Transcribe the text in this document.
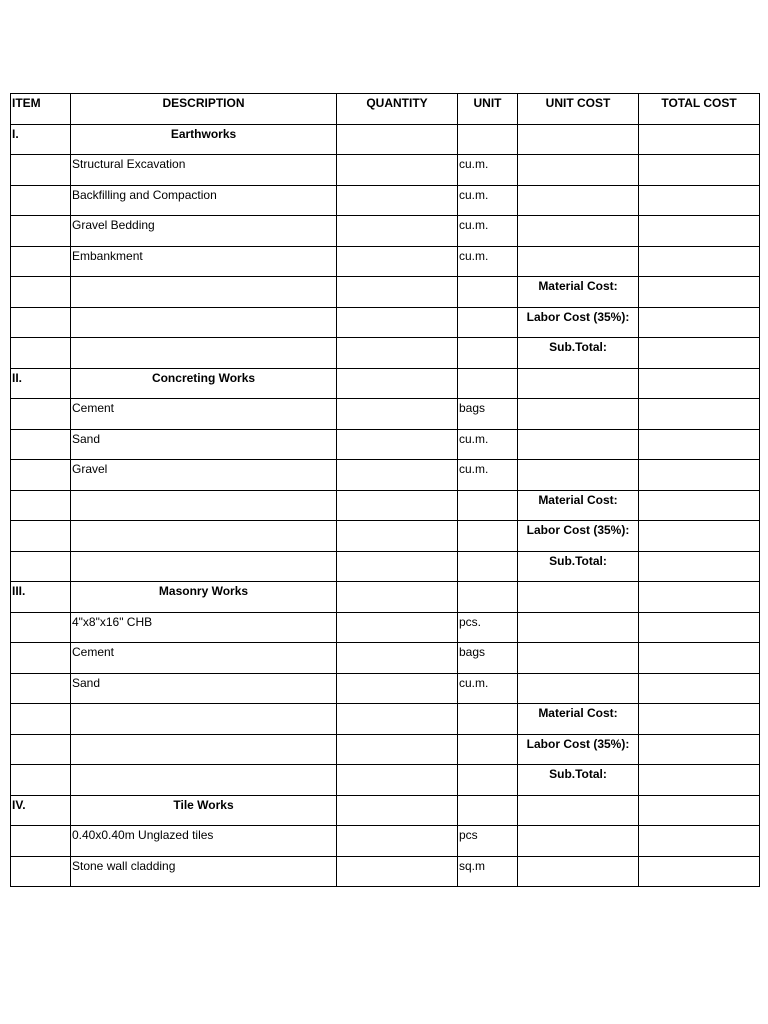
ITEM	DESCRIPTION	QUANTITY	UNIT	UNIT COST	TOTAL COST
I.	Earthworks				
	Structural Excavation		cu.m.		
	Backfilling and Compaction		cu.m.		
	Gravel Bedding		cu.m.		
	Embankment		cu.m.		
				Material Cost:	
				Labor Cost (35%):	
				Sub.Total:	
II.	Concreting Works				
	Cement		bags		
	Sand		cu.m.		
	Gravel		cu.m.		
				Material Cost:	
				Labor Cost (35%):	
				Sub.Total:	
III.	Masonry Works				
	4"x8"x16" CHB		pcs.		
	Cement		bags		
	Sand		cu.m.		
				Material Cost:	
				Labor Cost (35%):	
				Sub.Total:	
IV.	Tile Works				
	0.40x0.40m Unglazed tiles		pcs		
	Stone wall cladding		sq.m		
